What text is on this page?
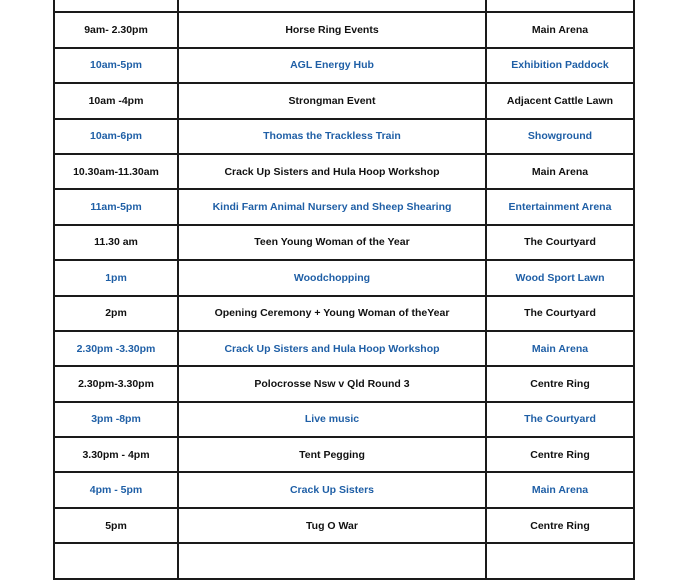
9am- 2.30pm	Horse Ring Events	Main Arena
10am-5pm	AGL Energy Hub	Exhibition Paddock
10am -4pm	Strongman Event	Adjacent Cattle Lawn
10am-6pm	Thomas the Trackless Train	Showground
10.30am-11.30am	Crack Up Sisters and Hula Hoop Workshop	Main Arena
11am-5pm	Kindi Farm Animal Nursery and Sheep Shearing	Entertainment Arena
11.30 am	Teen Young Woman of the Year	The Courtyard
1pm	Woodchopping	Wood Sport Lawn
2pm	Opening Ceremony + Young Woman of theYear	The Courtyard
2.30pm -3.30pm	Crack Up Sisters and Hula Hoop Workshop	Main Arena
2.30pm-3.30pm	Polocrosse Nsw v Qld Round 3	Centre Ring
3pm -8pm	Live music	The Courtyard
3.30pm - 4pm	Tent Pegging	Centre Ring
4pm - 5pm	Crack Up Sisters	Main Arena
5pm	Tug O War	Centre Ring
